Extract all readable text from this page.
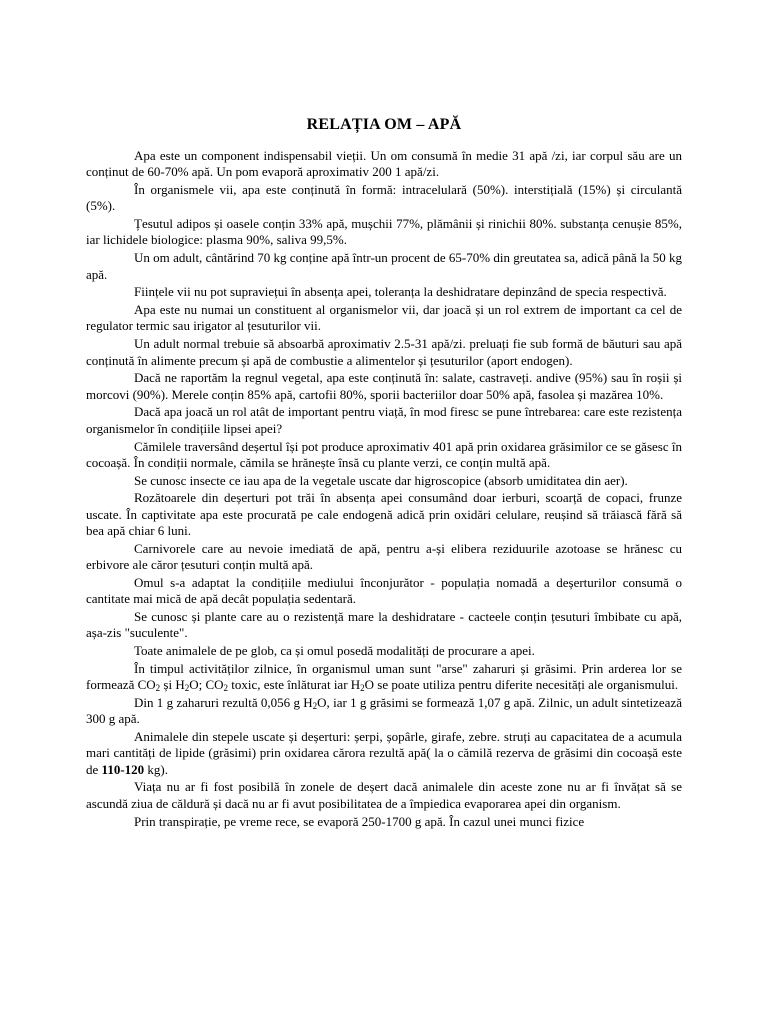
RELAȚIA OM – APĂ

Apa este un component indispensabil vieții. Un om consumă în medie 31 apă /zi, iar corpul său are un conținut de 60-70% apă. Un pom evaporă aproximativ 200 1 apă/zi.

În organismele vii, apa este conținută în formă: intracelulară (50%). interstițială (15%) și circulantă (5%).

Țesutul adipos și oasele conțin 33% apă, mușchii 77%, plămânii și rinichii 80%. substanța cenușie 85%, iar lichidele biologice: plasma 90%, saliva 99,5%.

Un om adult, cântărind 70 kg conține apă într-un procent de 65-70% din greutatea sa, adică până la 50 kg apă.

Ființele vii nu pot supraviețui în absența apei, toleranța la deshidratare depinzând de specia respectivă.

Apa este nu numai un constituent al organismelor vii, dar joacă și un rol extrem de important ca cel de regulator termic sau irigator al țesuturilor vii.

Un adult normal trebuie să absoarbă aproximativ 2.5-31 apă/zi. preluați fie sub formă de băuturi sau apă conținută în alimente precum și apă de combustie a alimentelor și țesuturilor (aport endogen).

Dacă ne raportăm la regnul vegetal, apa este conținută în: salate, castraveți. andive (95%) sau în roșii și morcovi (90%). Merele conțin 85% apă, cartofii 80%, sporii bacteriilor doar 50% apă, fasolea și mazărea 10%.

Dacă apa joacă un rol atât de important pentru viață, în mod firesc se pune întrebarea: care este rezistența organismelor în condițiile lipsei apei?

Cămilele traversând deșertul își pot produce aproximativ 401 apă prin oxidarea grăsimilor ce se găsesc în cocoașă. În condiții normale, cămila se hrănește însă cu plante verzi, ce conțin multă apă.

Se cunosc insecte ce iau apa de la vegetale uscate dar higroscopice (absorb umiditatea din aer).

Rozătoarele din deșerturi pot trăi în absența apei consumând doar ierburi, scoarță de copaci, frunze uscate. În captivitate apa este procurată pe cale endogenă adică prin oxidări celulare, reușind să trăiască fără să bea apă chiar 6 luni.

Carnivorele care au nevoie imediată de apă, pentru a-și elibera reziduurile azotoase se hrănesc cu erbivore ale căror țesuturi conțin multă apă.

Omul s-a adaptat la condițiile mediului înconjurător - populația nomadă a deșerturilor consumă o cantitate mai mică de apă decât populația sedentară.

Se cunosc și plante care au o rezistență mare la deshidratare - cacteele conțin țesuturi îmbibate cu apă, așa-zis "suculente".

Toate animalele de pe glob, ca și omul posedă modalități de procurare a apei.

În timpul activităților zilnice, în organismul uman sunt "arse" zaharuri și grăsimi. Prin arderea lor se formează $CO_2$ și $H_2O$; $CO_2$ toxic, este înlăturat iar $H_2O$ se poate utiliza pentru diferite necesități ale organismului.

Din 1 g zaharuri rezultă 0,056 g $H_2O$, iar 1 g grăsimi se formează 1,07 g apă. Zilnic, un adult sintetizează 300 g apă.

Animalele din stepele uscate și deșerturi: șerpi, șopârle, girafe, zebre. struți au capacitatea de a acumula mari cantități de lipide (grăsimi) prin oxidarea cărora rezultă apă( la o cămilă rezerva de grăsimi din cocoașă este de 110-120 kg).

Viața nu ar fi fost posibilă în zonele de deșert dacă animalele din aceste zone nu ar fi învățat să se ascundă ziua de căldură și dacă nu ar fi avut posibilitatea de a împiedica evaporarea apei din organism.

Prin transpirație, pe vreme rece, se evaporă 250-1700 g apă. În cazul unei munci fizice
